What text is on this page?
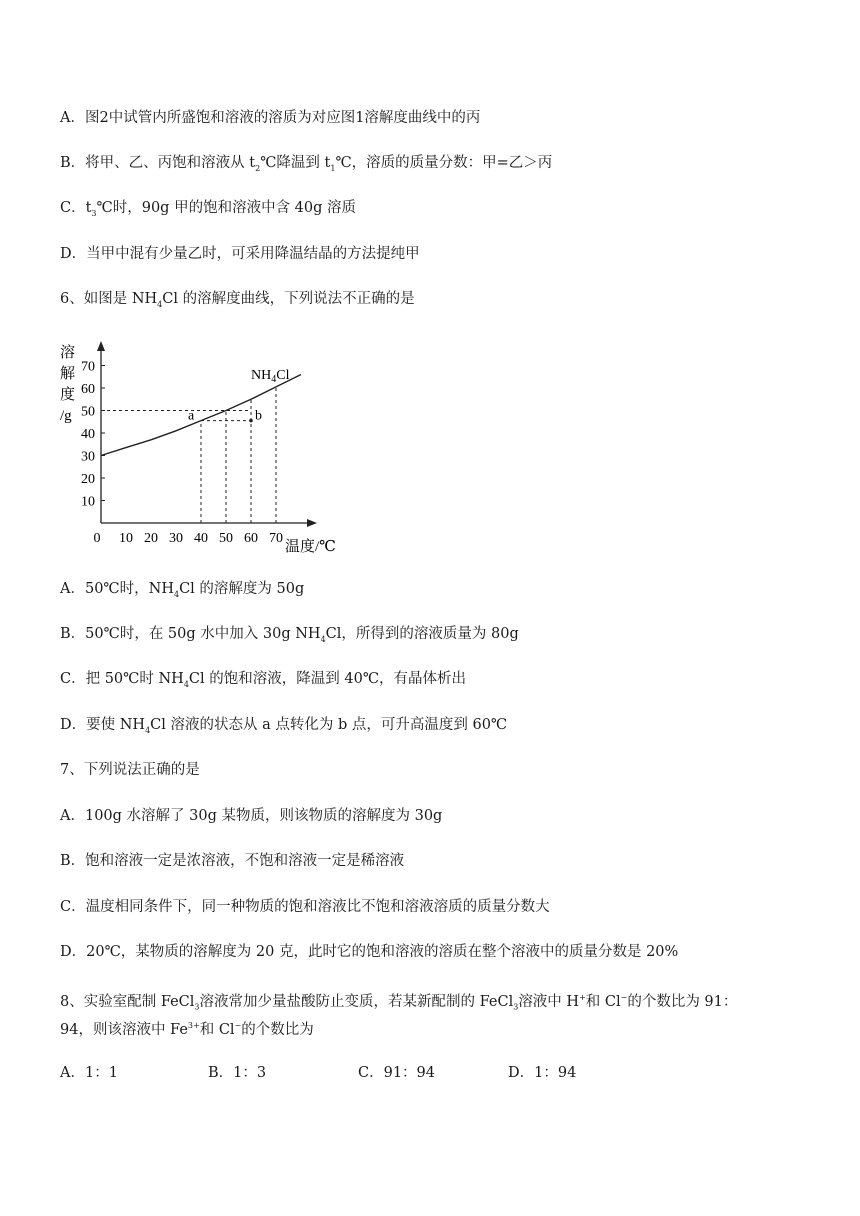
A．图2中试管内所盛饱和溶液的溶质为对应图1溶解度曲线中的丙
B．将甲、乙、丙饱和溶液从 $t_2℃$降温到 $t_1℃$，溶质的质量分数：甲=乙＞丙
C．$t_3℃$时，90g 甲的饱和溶液中含 40g 溶质
D．当甲中混有少量乙时，可采用降温结晶的方法提纯甲
6、如图是 $NH_4Cl$ 的溶解度曲线，下列说法不正确的是
溶
解
度
/g
10
20
30
40
50
60
70
0 10 20 30 40 50 60 70
a	b
$NH_4Cl$
温度/℃
A．50℃时，$NH_4Cl$ 的溶解度为 50g
B．50℃时，在 50g 水中加入 30g $NH_4Cl$，所得到的溶液质量为 80g
C．把 50℃时 $NH_4Cl$ 的饱和溶液，降温到 40℃，有晶体析出
D．要使 $NH_4Cl$ 溶液的状态从 a 点转化为 b 点，可升高温度到 60℃
7、下列说法正确的是
A．100g 水溶解了 30g 某物质，则该物质的溶解度为 30g
B．饱和溶液一定是浓溶液，不饱和溶液一定是稀溶液
C．温度相同条件下，同一种物质的饱和溶液比不饱和溶液溶质的质量分数大
D．20℃，某物质的溶解度为 20 克，此时它的饱和溶液的溶质在整个溶液中的质量分数是 20%
8、实验室配制 FeCl$_3$溶液常加少量盐酸防止变质，若某新配制的 FeCl$_3$溶液中 H+和 Cl−的个数比为 91：
94，则该溶液中 $Fe^{3+}$和 Cl−的个数比为
A．1：1	B．1：3	C．91：94	D．1：94
